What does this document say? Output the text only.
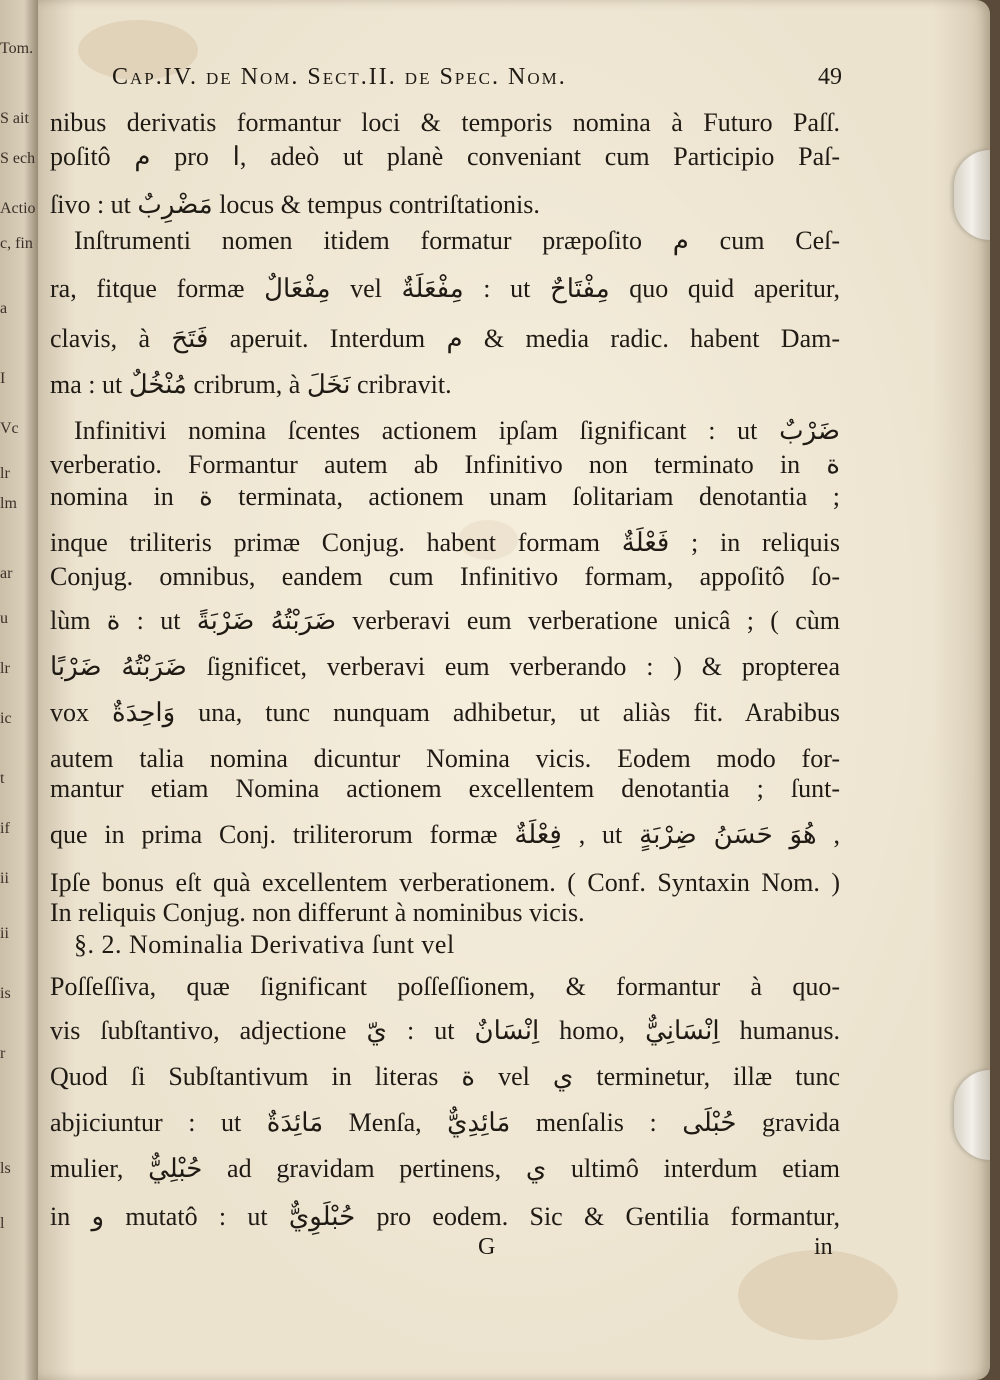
Tom.
S ait
S ech
Actio
c, fin
a
I
Vc
lr
lm
ar
u
lr
ic
t
if
ii
ii
is
r
ls
l
Cap.IV. de Nom. Sect.II. de Spec. Nom.	49
nibus derivatis formantur loci & temporis nomina à Futuro Paſſ.
poſitô م pro ا, adeò ut planè conveniant cum Participio Paſ-
ſivo : ut مَضْرِبٌ locus & tempus contriſtationis.
Inſtrumenti nomen itidem formatur præpoſito م cum Ceſ-
ra, fitque formæ مِفْعَالٌ vel مِفْعَلَةٌ : ut مِفْتَاحٌ quo quid aperitur,
clavis, à فَتَحَ aperuit. Interdum م & media radic. habent Dam-
ma : ut مُنْخُلٌ cribrum, à نَخَلَ cribravit.
Infinitivi nomina ſcentes actionem ipſam ſignificant : ut ضَرْبٌ
verberatio. Formantur autem ab Infinitivo non terminato in ة
nomina in ة terminata, actionem unam ſolitariam denotantia ;
inque triliteris primæ Conjug. habent formam فَعْلَةٌ ; in reliquis
Conjug. omnibus, eandem cum Infinitivo formam, appoſitô ſo-
lùm ة : ut ضَرَبْتُهُ ضَرْبَةً verberavi eum verberatione unicâ ; ( cùm
ضَرَبْتُهُ ضَرْبًا ſignificet, verberavi eum verberando : ) & propterea
vox وَاحِدَةٌ una, tunc nunquam adhibetur, ut aliàs fit. Arabibus
autem talia nomina dicuntur Nomina vicis. Eodem modo for-
mantur etiam Nomina actionem excellentem denotantia ; ſunt-
que in prima Conj. triliterorum formæ فِعْلَةٌ , ut هُوَ حَسَنُ ضِرْبَةٍ ,
Ipſe bonus eſt quà excellentem verberationem. ( Conf. Syntaxin Nom. )
In reliquis Conjug. non differunt à nominibus vicis.
§. 2. Nominalia Derivativa ſunt vel
Poſſeſſiva, quæ ſignificant poſſeſſionem, & formantur à quo-
vis ſubſtantivo, adjectione يّ : ut اِنْسَانٌ homo, اِنْسَانِيٌّ humanus.
Quod ſi Subſtantivum in literas ة vel ي terminetur, illæ tunc
abjiciuntur : ut مَائِدَةٌ Menſa, مَائِدِيٌّ menſalis : حُبْلَى gravida
mulier, حُبْلِيٌّ ad gravidam pertinens, ي ultimô interdum etiam
in و mutatô : ut حُبْلَوِيٌّ pro eodem. Sic & Gentilia formantur,
G	in
